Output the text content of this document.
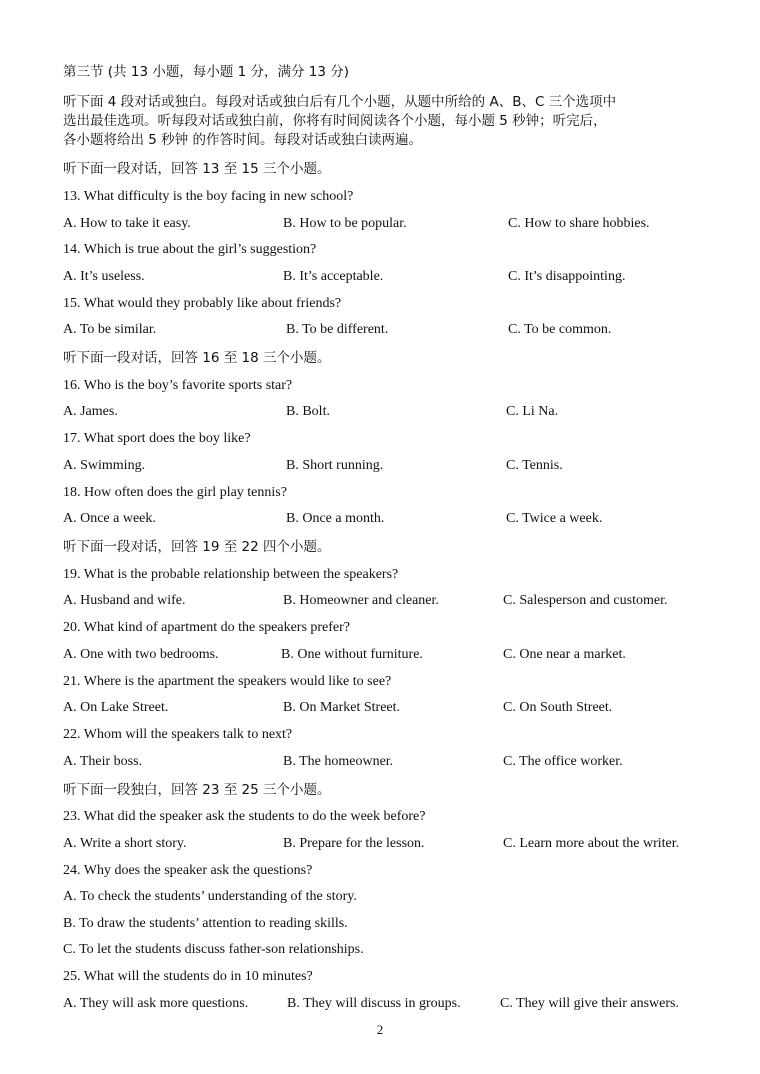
第三节 (共 13 小题，每小题 1 分，满分 13 分)
听下面 4 段对话或独白。每段对话或独白后有几个小题，从题中所给的 A、B、C 三个选项中
选出最佳选项。听每段对话或独白前，你将有时间阅读各个小题，每小题 5 秒钟；听完后，
各小题将给出 5 秒钟 的作答时间。每段对话或独白读两遍。
听下面一段对话，回答 13 至 15 三个小题。
13. What difficulty is the boy facing in new school?
A. How to take it easy.	B. How to be popular.	C. How to share hobbies.
14. Which is true about the girl’s suggestion?
A. It’s useless.	B. It’s acceptable.	C. It’s disappointing.
15. What would they probably like about friends?
A. To be similar.	B. To be different.	C. To be common.
听下面一段对话，回答 16 至 18 三个小题。
16. Who is the boy’s favorite sports star?
A. James.	B. Bolt.	C. Li Na.
17. What sport does the boy like?
A. Swimming.	B. Short running.	C. Tennis.
18. How often does the girl play tennis?
A. Once a week.	B. Once a month.	C. Twice a week.
听下面一段对话，回答 19 至 22 四个小题。
19. What is the probable relationship between the speakers?
A. Husband and wife.	B. Homeowner and cleaner.	C. Salesperson and customer.
20. What kind of apartment do the speakers prefer?
A. One with two bedrooms.	B. One without furniture.	C. One near a market.
21. Where is the apartment the speakers would like to see?
A. On Lake Street.	B. On Market Street.	C. On South Street.
22. Whom will the speakers talk to next?
A. Their boss.	B. The homeowner.	C. The office worker.
听下面一段独白，回答 23 至 25 三个小题。
23. What did the speaker ask the students to do the week before?
A. Write a short story.	B. Prepare for the lesson.	C. Learn more about the writer.
24. Why does the speaker ask the questions?
A. To check the students’ understanding of the story.
B. To draw the students’ attention to reading skills.
C. To let the students discuss father-son relationships.
25. What will the students do in 10 minutes?
A. They will ask more questions.	B. They will discuss in groups.	C. They will give their answers.
2
